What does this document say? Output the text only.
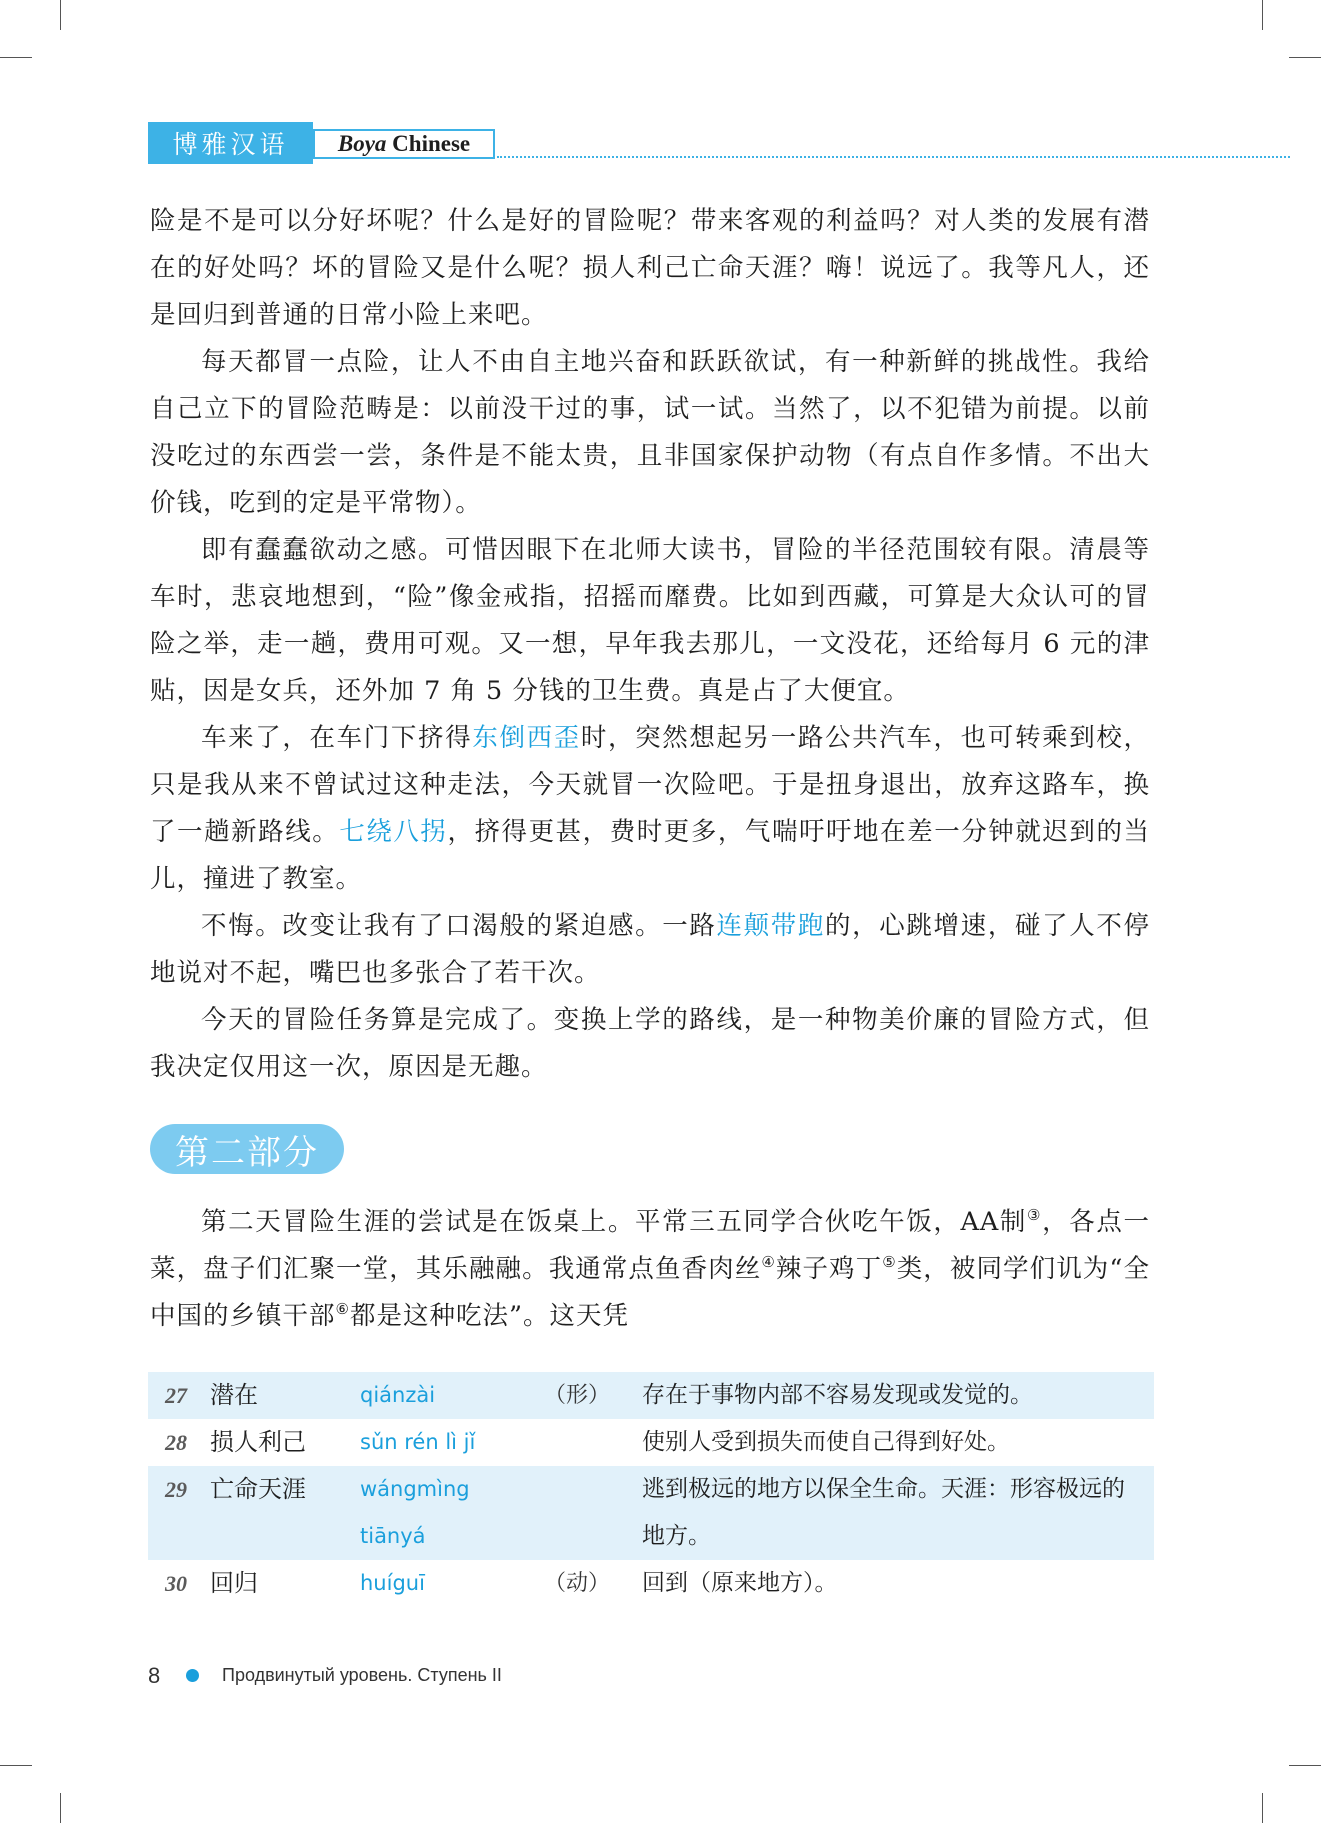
博雅汉语	Boya Chinese

险是不是可以分好坏呢？什么是好的冒险呢？带来客观的利益吗？对人类的发展有潜在的好处吗？坏的冒险又是什么呢？损人利己亡命天涯？嗨！说远了。我等凡人，还是回归到普通的日常小险上来吧。

每天都冒一点险，让人不由自主地兴奋和跃跃欲试，有一种新鲜的挑战性。我给自己立下的冒险范畴是：以前没干过的事，试一试。当然了，以不犯错为前提。以前没吃过的东西尝一尝，条件是不能太贵，且非国家保护动物（有点自作多情。不出大价钱，吃到的定是平常物）。

即有蠢蠢欲动之感。可惜因眼下在北师大读书，冒险的半径范围较有限。清晨等车时，悲哀地想到，“险”像金戒指，招摇而靡费。比如到西藏，可算是大众认可的冒险之举，走一趟，费用可观。又一想，早年我去那儿，一文没花，还给每月 6 元的津贴，因是女兵，还外加 7 角 5 分钱的卫生费。真是占了大便宜。

车来了，在车门下挤得东倒西歪时，突然想起另一路公共汽车，也可转乘到校，只是我从来不曾试过这种走法，今天就冒一次险吧。于是扭身退出，放弃这路车，换了一趟新路线。七绕八拐，挤得更甚，费时更多，气喘吁吁地在差一分钟就迟到的当儿，撞进了教室。

不悔。改变让我有了口渴般的紧迫感。一路连颠带跑的，心跳增速，碰了人不停地说对不起，嘴巴也多张合了若干次。

今天的冒险任务算是完成了。变换上学的路线，是一种物美价廉的冒险方式，但我决定仅用这一次，原因是无趣。

第二部分

第二天冒险生涯的尝试是在饭桌上。平常三五同学合伙吃午饭，AA制③，各点一菜，盘子们汇聚一堂，其乐融融。我通常点鱼香肉丝④辣子鸡丁⑤类，被同学们讥为“全中国的乡镇干部⑥都是这种吃法”。这天凭

27	潜在	qiánzài	（形）	存在于事物内部不容易发现或发觉的。
28	损人利己	sǔn rén lì jǐ		使别人受到损失而使自己得到好处。
29	亡命天涯	wángmìng tiānyá		逃到极远的地方以保全生命。天涯：形容极远的地方。
30	回归	huíguī	（动）	回到（原来地方）。
8	Продвинутый уровень. Ступень II
